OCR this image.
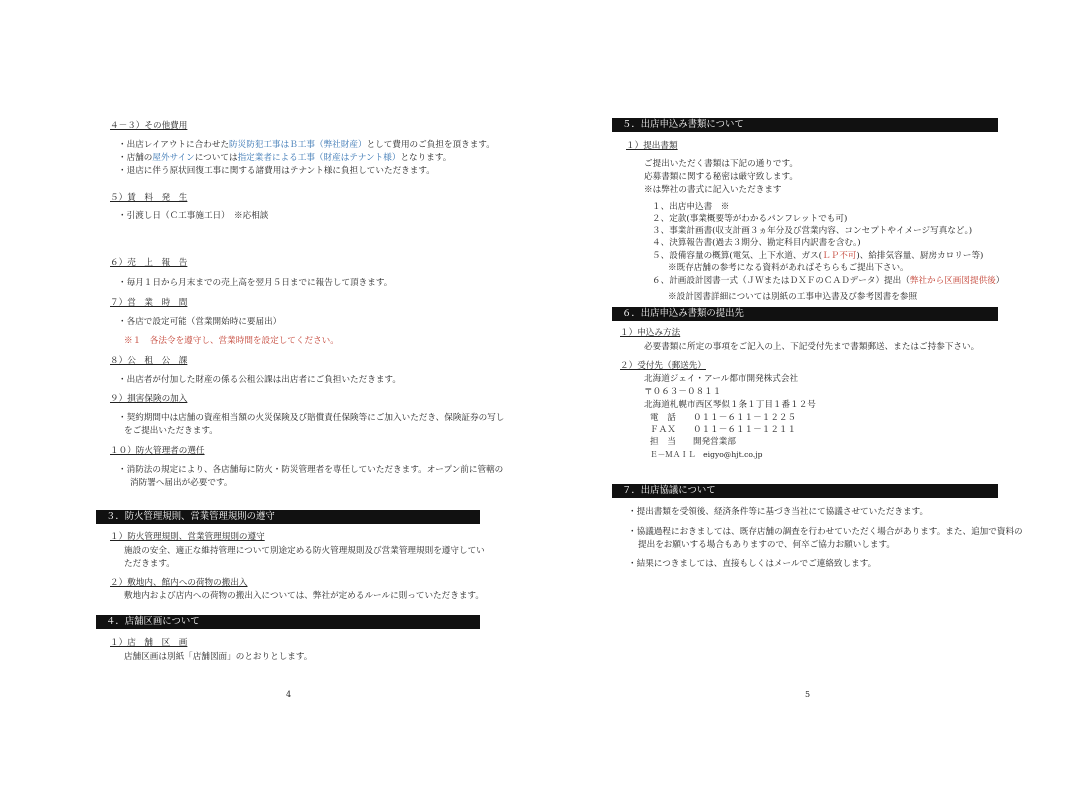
４－３）その他費用
・出店レイアウトに合わせた防災防犯工事はＢ工事（弊社財産）として費用のご負担を頂きます。
・店舗の屋外サインについては指定業者による工事（財産はテナント様）となります。
・退店に伴う原状回復工事に関する諸費用はテナント様に負担していただきます。
５）賃　料　発　生
・引渡し日（Ｃ工事施工日）　※応相談
６）売　上　報　告
・毎月１日から月末までの売上高を翌月５日までに報告して頂きます。
７）営　業　時　間
・各店で設定可能（営業開始時に要届出）
※１　各法令を遵守し、営業時間を設定してください。
８）公　租　公　課
・出店者が付加した財産の係る公租公課は出店者にご負担いただきます。
９）損害保険の加入
・契約期間中は店舗の資産相当額の火災保険及び賠償責任保険等にご加入いただき、保険証券の写し
をご提出いただきます。
１０）防火管理者の選任
・消防法の規定により、各店舗毎に防火・防災管理者を専任していただきます。オープン前に管轄の
消防署へ届出が必要です。
３．防火管理規則、営業管理規則の遵守
１）防火管理規則、営業管理規則の遵守
施設の安全、適正な維持管理について別途定める防火管理規則及び営業管理規則を遵守してい
ただきます。
２）敷地内、館内への荷物の搬出入
敷地内および店内への荷物の搬出入については、弊社が定めるルールに則っていただきます。
４．店舗区画について
１）店　舗　区　画
店舗区画は別紙「店舗図面」のとおりとします。
4
５．出店申込み書類について
１）提出書類
ご提出いただく書類は下記の通りです。
応募書類に関する秘密は厳守致します。
※は弊社の書式に記入いただきます
１、出店申込書　※
２、定款(事業概要等がわかるパンフレットでも可)
３、事業計画書(収支計画３ヵ年分及び営業内容、コンセプトやイメージ写真など。)
４、決算報告書(過去３期分、勘定科目内訳書を含む。)
５、設備容量の概算(電気、上下水道、ガス(ＬＰ不可)、給排気容量、厨房カロリー等)
※既存店舗の参考になる資料があればそちらもご提出下さい。
６、計画設計図書一式（ＪＷまたはＤＸＦのＣＡＤデータ）提出（弊社から区画図提供後）
※設計図書詳細については別紙の工事申込書及び参考図書を参照
６．出店申込み書類の提出先
１）申込み方法
必要書類に所定の事項をご記入の上、下記受付先まで書類郵送、またはご持参下さい。
２）受付先（郵送先）
北海道ジェイ・アール都市開発株式会社
〒０６３－０８１１
北海道札幌市西区琴似１条１丁目１番１２号
電　話　　０１１－６１１－１２２５
ＦＡＸ　　０１１－６１１－１２１１
担　当　　開発営業部
Ｅ－ＭＡＩＬ　eigyo@hjt.co.jp
７．出店協議について
・提出書類を受領後、経済条件等に基づき当社にて協議させていただきます。
・協議過程におきましては、既存店舗の調査を行わせていただく場合があります。また、追加で資料の
提出をお願いする場合もありますので、何卒ご協力お願いします。
・結果につきましては、直接もしくはメールでご連絡致します。
5
